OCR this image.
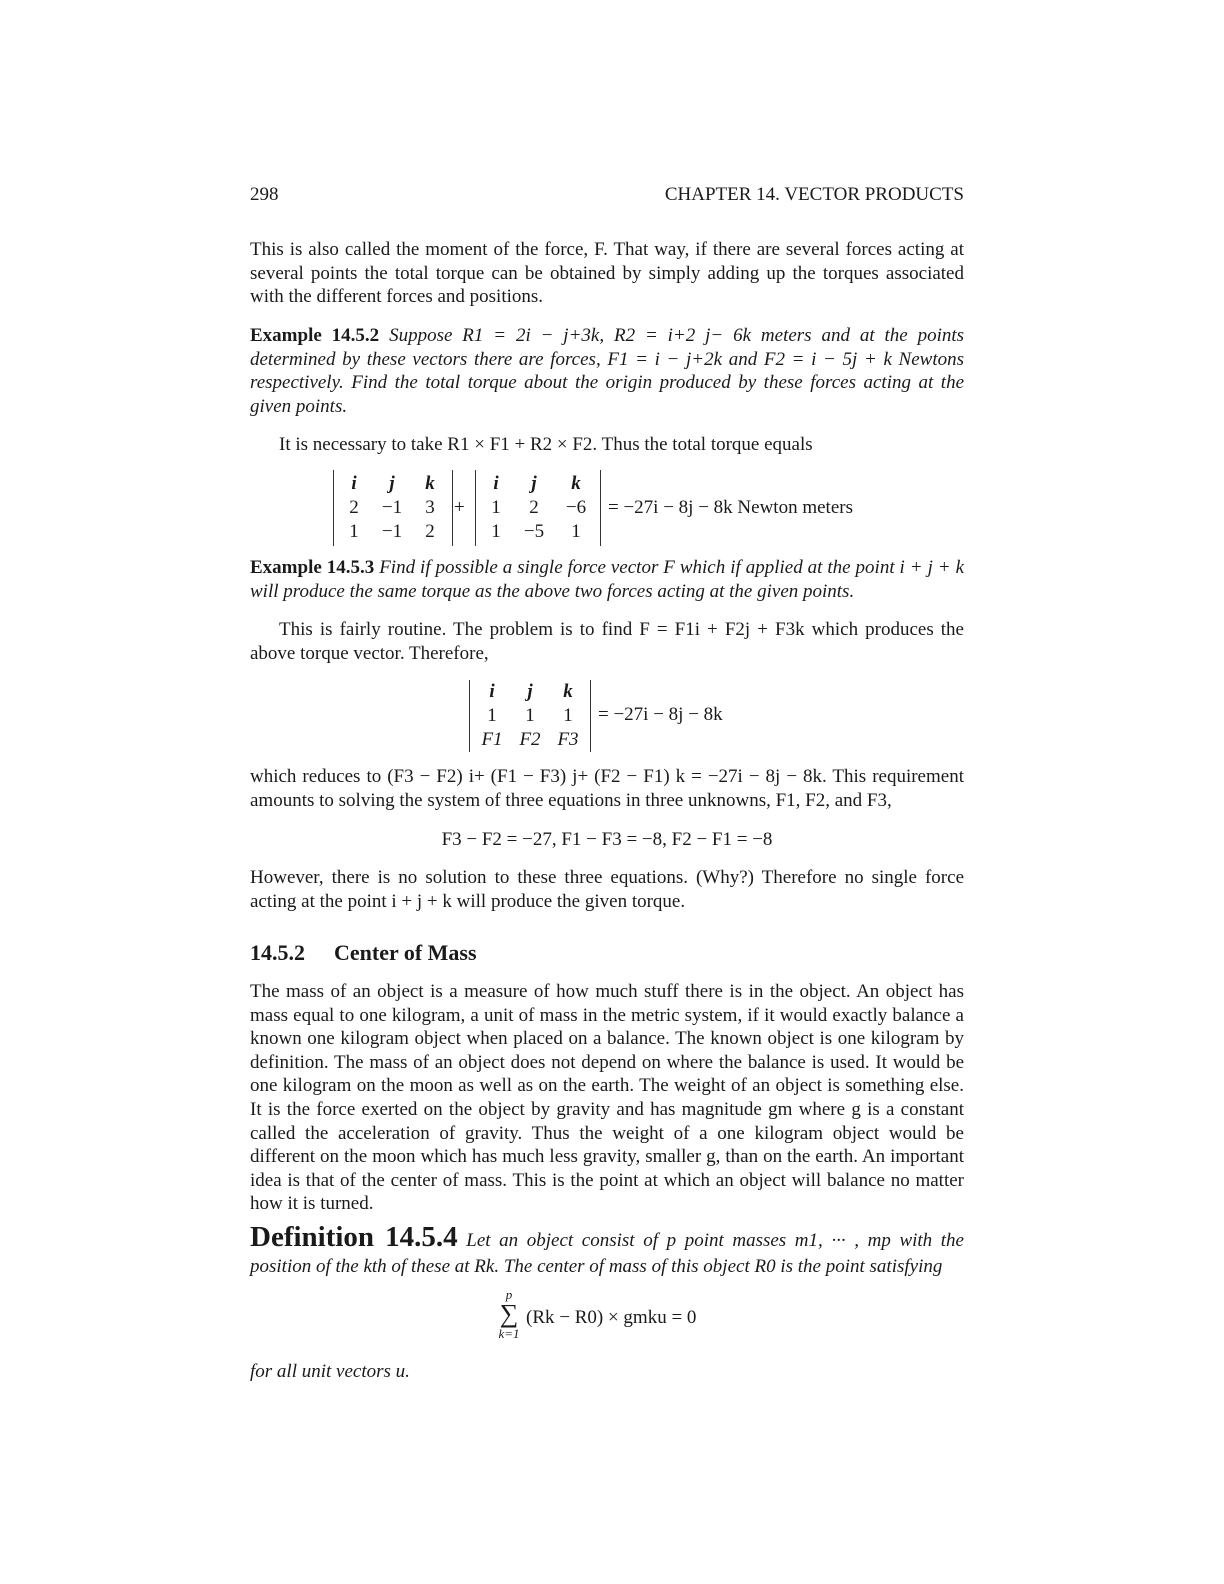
298	CHAPTER 14. VECTOR PRODUCTS
This is also called the moment of the force, F. That way, if there are several forces acting at several points the total torque can be obtained by simply adding up the torques associated with the different forces and positions.
Example 14.5.2 Suppose R1 = 2i − j+3k, R2 = i+2 j− 6k meters and at the points determined by these vectors there are forces, F1 = i − j+2k and F2 = i − 5j + k Newtons respectively. Find the total torque about the origin produced by these forces acting at the given points.
It is necessary to take R1 × F1 + R2 × F2. Thus the total torque equals
i	j	k
2	−1	3
1	−1	2
+
i	j	k
1	2	−6
1	−5	1
= −27i − 8j − 8k Newton meters
Example 14.5.3 Find if possible a single force vector F which if applied at the point i + j + k will produce the same torque as the above two forces acting at the given points.
This is fairly routine. The problem is to find F = F1i + F2j + F3k which produces the above torque vector. Therefore,
i	j	k
1	1	1
F1 F2 F3
= −27i − 8j − 8k
which reduces to (F3 − F2) i+ (F1 − F3) j+ (F2 − F1) k = −27i − 8j − 8k. This requirement amounts to solving the system of three equations in three unknowns, F1, F2, and F3,
F3 − F2 = −27, F1 − F3 = −8, F2 − F1 = −8
However, there is no solution to these three equations. (Why?) Therefore no single force acting at the point i + j + k will produce the given torque.
14.5.2 Center of Mass
The mass of an object is a measure of how much stuff there is in the object. An object has mass equal to one kilogram, a unit of mass in the metric system, if it would exactly balance a known one kilogram object when placed on a balance. The known object is one kilogram by definition. The mass of an object does not depend on where the balance is used. It would be one kilogram on the moon as well as on the earth. The weight of an object is something else. It is the force exerted on the object by gravity and has magnitude gm where g is a constant called the acceleration of gravity. Thus the weight of a one kilogram object would be different on the moon which has much less gravity, smaller g, than on the earth. An important idea is that of the center of mass. This is the point at which an object will balance no matter how it is turned.
Definition 14.5.4 Let an object consist of p point masses m1, ··· , mp with the position of the kth of these at Rk. The center of mass of this object R0 is the point satisfying
p
∑
k=1
(Rk − R0) × gmku = 0
for all unit vectors u.
